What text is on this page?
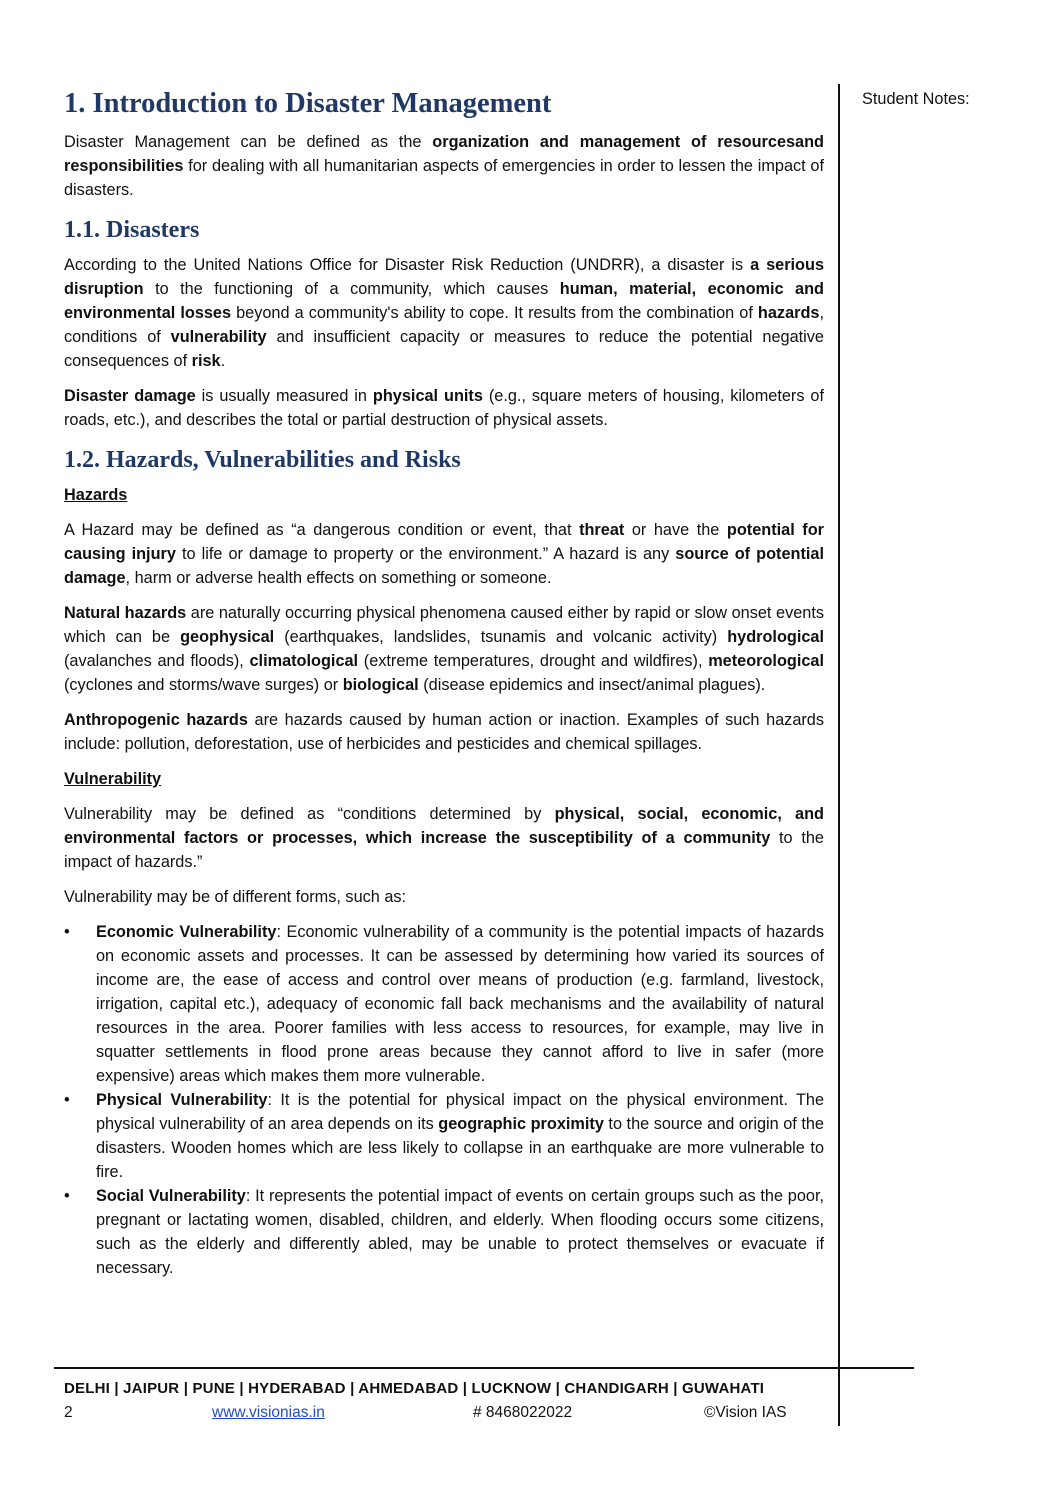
1. Introduction to Disaster Management

Disaster Management can be defined as the organization and management of resourcesand responsibilities for dealing with all humanitarian aspects of emergencies in order to lessen the impact of disasters.

1.1. Disasters

According to the United Nations Office for Disaster Risk Reduction (UNDRR), a disaster is a serious disruption to the functioning of a community, which causes human, material, economic and environmental losses beyond a community's ability to cope. It results from the combination of hazards, conditions of vulnerability and insufficient capacity or measures to reduce the potential negative consequences of risk.

Disaster damage is usually measured in physical units (e.g., square meters of housing, kilometers of roads, etc.), and describes the total or partial destruction of physical assets.

1.2. Hazards, Vulnerabilities and Risks
Hazards

A Hazard may be defined as “a dangerous condition or event, that threat or have the potential for causing injury to life or damage to property or the environment.” A hazard is any source of potential damage, harm or adverse health effects on something or someone.

Natural hazards are naturally occurring physical phenomena caused either by rapid or slow onset events which can be geophysical (earthquakes, landslides, tsunamis and volcanic activity) hydrological (avalanches and floods), climatological (extreme temperatures, drought and wildfires), meteorological (cyclones and storms/wave surges) or biological (disease epidemics and insect/animal plagues).

Anthropogenic hazards are hazards caused by human action or inaction. Examples of such hazards include: pollution, deforestation, use of herbicides and pesticides and chemical spillages.

Vulnerability

Vulnerability may be defined as “conditions determined by physical, social, economic, and environmental factors or processes, which increase the susceptibility of a community to the impact of hazards.”

Vulnerability may be of different forms, such as:

• Economic Vulnerability: Economic vulnerability of a community is the potential impacts of hazards on economic assets and processes. It can be assessed by determining how varied its sources of income are, the ease of access and control over means of production (e.g. farmland, livestock, irrigation, capital etc.), adequacy of economic fall back mechanisms and the availability of natural resources in the area. Poorer families with less access to resources, for example, may live in squatter settlements in flood prone areas because they cannot afford to live in safer (more expensive) areas which makes them more vulnerable.
• Physical Vulnerability: It is the potential for physical impact on the physical environment. The physical vulnerability of an area depends on its geographic proximity to the source and origin of the disasters. Wooden homes which are less likely to collapse in an earthquake are more vulnerable to fire.
• Social Vulnerability: It represents the potential impact of events on certain groups such as the poor, pregnant or lactating women, disabled, children, and elderly. When flooding occurs some citizens, such as the elderly and differently abled, may be unable to protect themselves or evacuate if necessary.
Student Notes:
DELHI | JAIPUR | PUNE | HYDERABAD | AHMEDABAD | LUCKNOW | CHANDIGARH | GUWAHATI
2	www.visionias.in	# 8468022022	©Vision IAS
